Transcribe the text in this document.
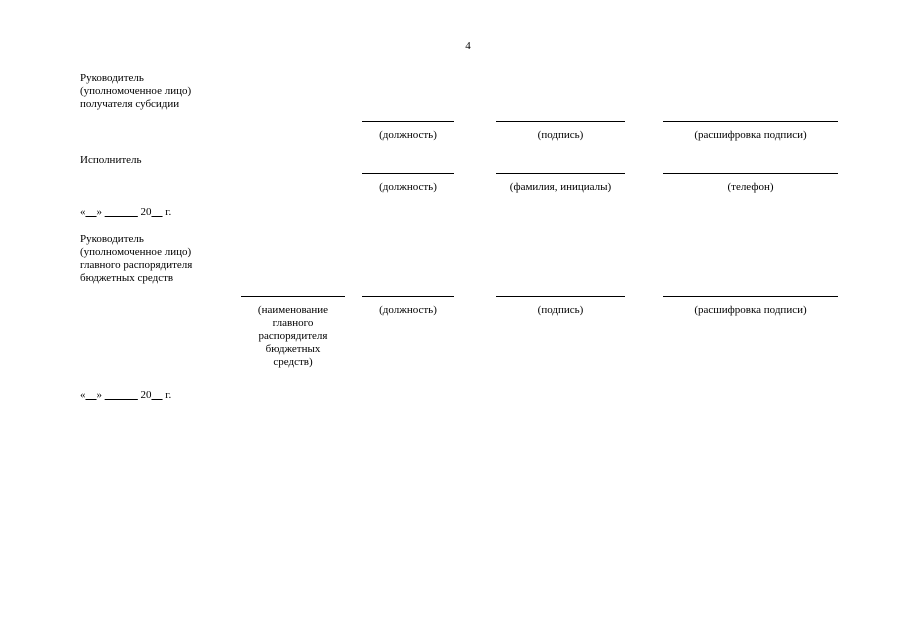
4
Руководитель
(уполномоченное лицо)
получателя субсидии
(должность)	(подпись)	(расшифровка подписи)
Исполнитель
(должность)	(фамилия, инициалы)	(телефон)
«__» ______ 20__ г.
Руководитель
(уполномоченное лицо)
главного распорядителя
бюджетных средств
(наименование
главного
распорядителя
бюджетных
средств)
(должность)	(подпись)	(расшифровка подписи)
«__» ______ 20__ г.
